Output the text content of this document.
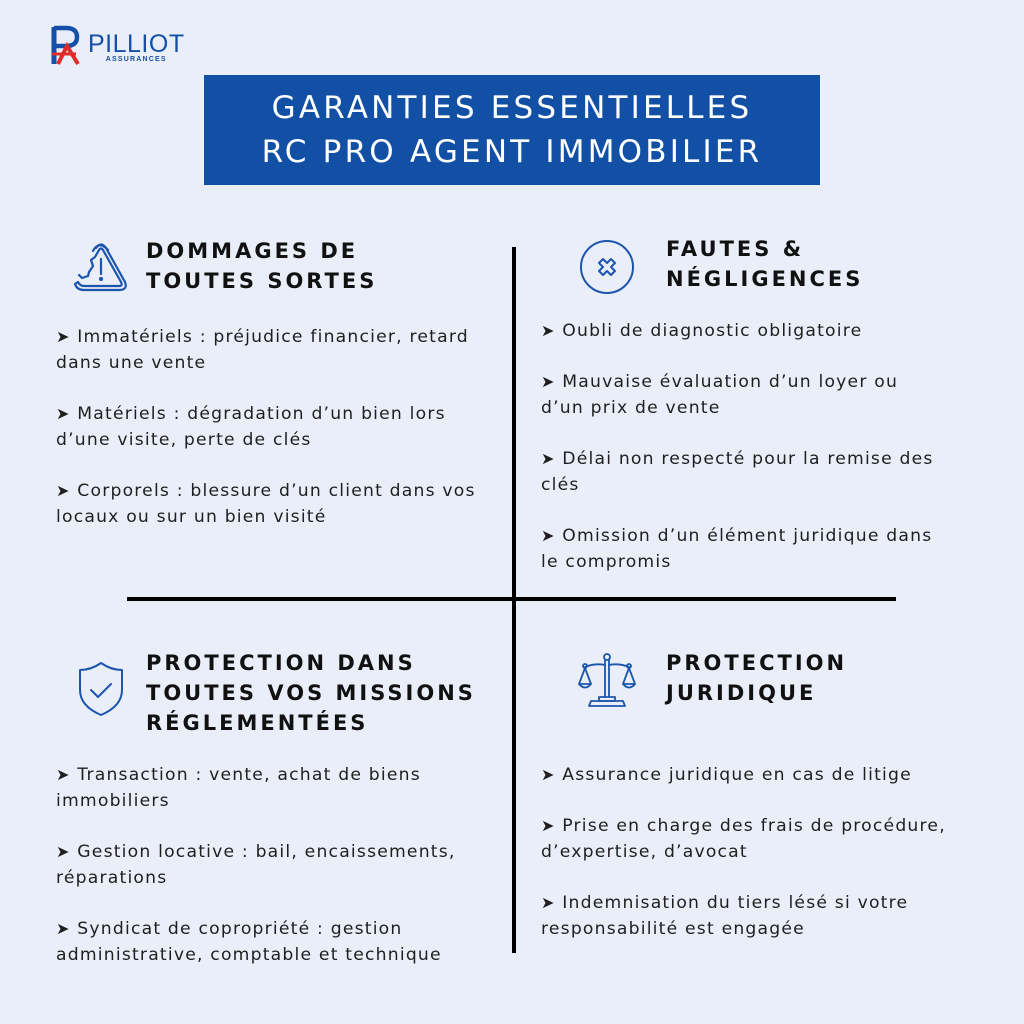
PILLIOT
ASSURANCES
GARANTIES ESSENTIELLES
RC PRO AGENT IMMOBILIER
DOMMAGES DE
TOUTES SORTES
➤ Immatériels : préjudice financier, retard dans une vente
➤ Matériels : dégradation d’un bien lors d’une visite, perte de clés
➤ Corporels : blessure d’un client dans vos locaux ou sur un bien visité
FAUTES &
NÉGLIGENCES
➤ Oubli de diagnostic obligatoire
➤ Mauvaise évaluation d’un loyer ou d’un prix de vente
➤ Délai non respecté pour la remise des clés
➤ Omission d’un élément juridique dans le compromis
PROTECTION DANS
TOUTES VOS MISSIONS
RÉGLEMENTÉES
➤ Transaction : vente, achat de biens immobiliers
➤ Gestion locative : bail, encaissements, réparations
➤ Syndicat de copropriété : gestion administrative, comptable et technique
PROTECTION
JURIDIQUE
➤ Assurance juridique en cas de litige
➤ Prise en charge des frais de procédure, d’expertise, d’avocat
➤ Indemnisation du tiers lésé si votre responsabilité est engagée
